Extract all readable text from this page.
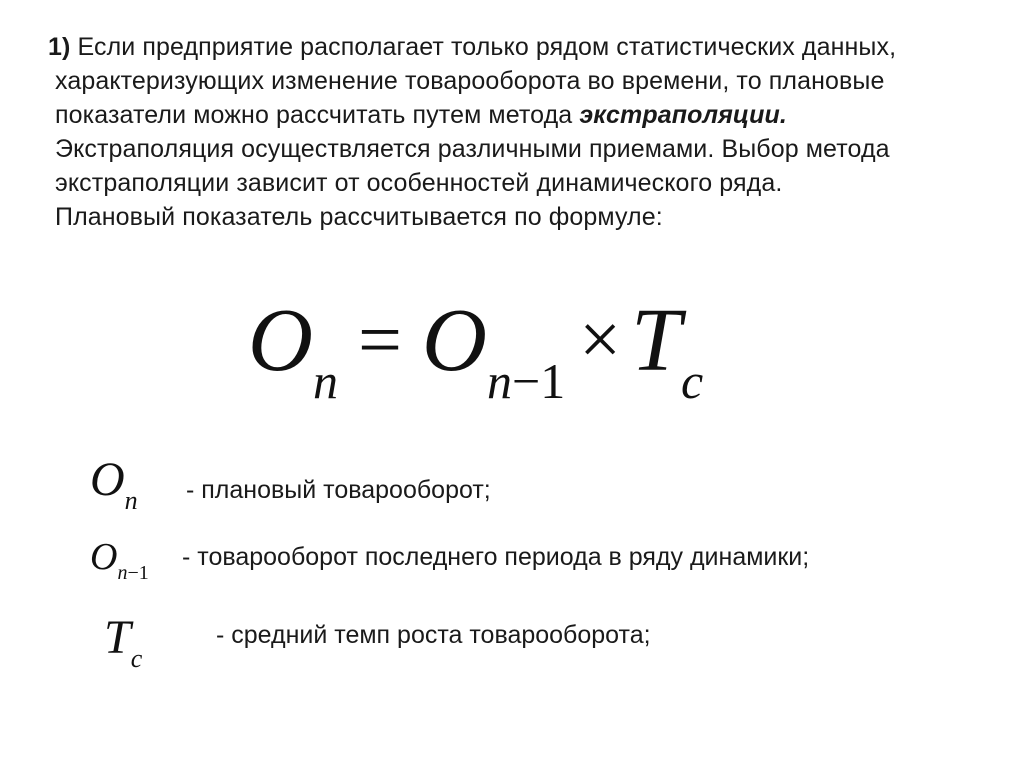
1) Если предприятие располагает только рядом статистических данных,
характеризующих изменение товарооборота во времени, то плановые
показатели можно рассчитать путем метода экстраполяции.
Экстраполяция осуществляется различными приемами. Выбор метода
экстраполяции зависит от особенностей динамического ряда.
Плановый показатель рассчитывается по формуле:
On = On−1 × Tc
On - плановый товарооборот;
On−1
- товарооборот последнего периода в ряду динамики;
Tc
- средний темп роста товарооборота;
